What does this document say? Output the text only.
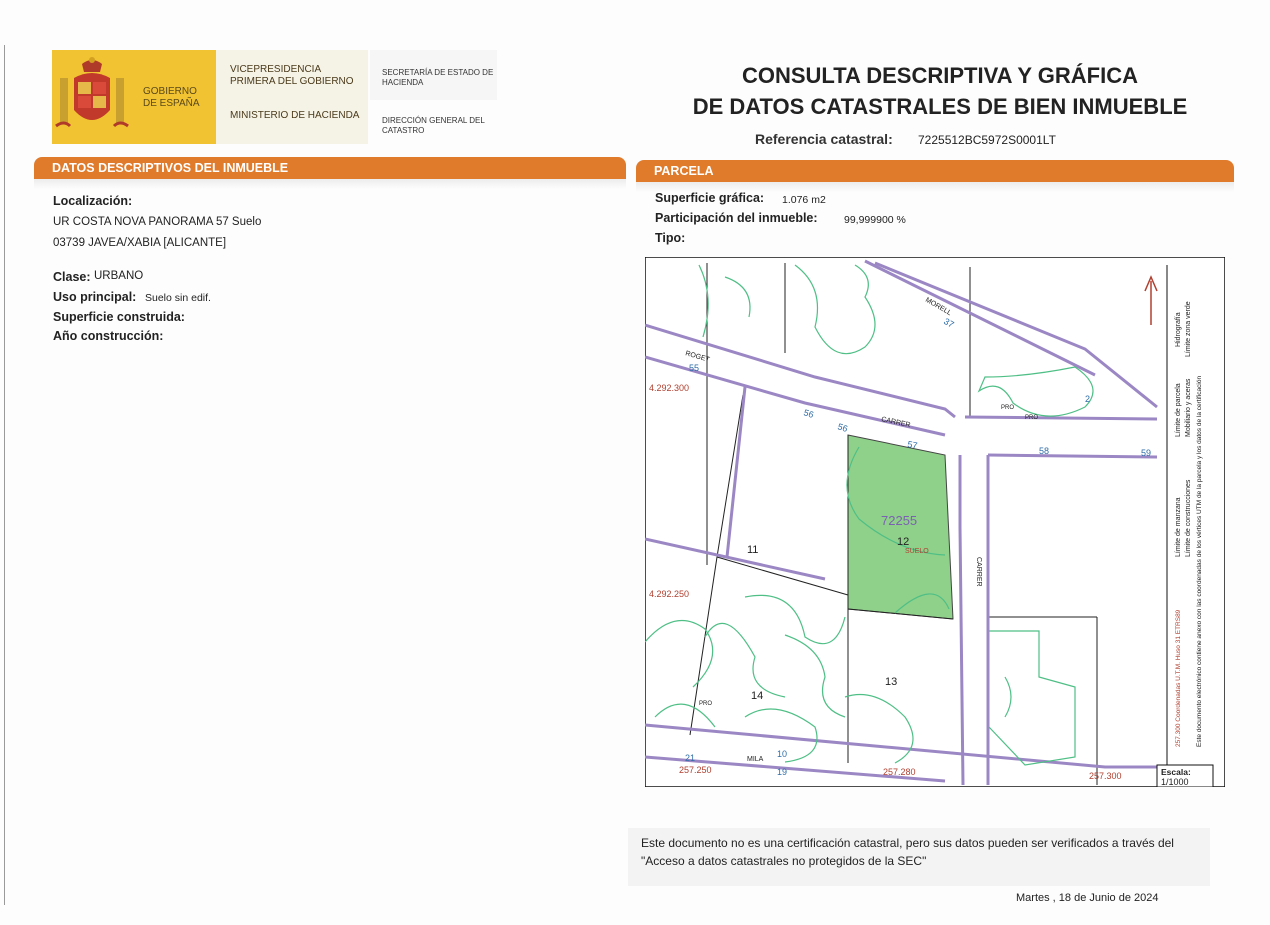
GOBIERNO DE ESPAÑA
VICEPRESIDENCIA PRIMERA DEL GOBIERNO
MINISTERIO DE HACIENDA
SECRETARÍA DE ESTADO DE HACIENDA
DIRECCIÓN GENERAL DEL CATASTRO
CONSULTA DESCRIPTIVA Y GRÁFICA
DE DATOS CATASTRALES DE BIEN INMUEBLE
Referencia catastral: 7225512BC5972S0001LT
DATOS DESCRIPTIVOS DEL INMUEBLE	PARCELA
Localización:
UR COSTA NOVA PANORAMA 57 Suelo
03739 JAVEA/XABIA [ALICANTE]
Clase: URBANO
Uso principal: Suelo sin edif.
Superficie construida:
Año construcción:
Superficie gráfica: 1.076 m2
Participación del inmueble:	99,999900 %
Tipo:
4.292.300
4.292.250
257.250	257.280	257.300
MORELL
ROGET
CARRER
CARRER
MILA
37
55
56
56
57
58	59
2
21	10
19
11
12
13
14
72255
SUELO
PRO
PRO
PRO
Límite de manzana
Límite de parcela
Límite de construcciones
Mobiliario y aceras
Límite zona verde
Hidrografía
257.300 Coordenadas U.T.M. Huso 31 ETRS89 Este documento electrónico contiene anexo con las coordenadas de los vértices UTM de la parcela y los datos de la certificación
Escala:
1/1000
Este documento no es una certificación catastral, pero sus datos pueden ser verificados a través del "Acceso a datos catastrales no protegidos de la SEC"
Martes , 18 de Junio de 2024
